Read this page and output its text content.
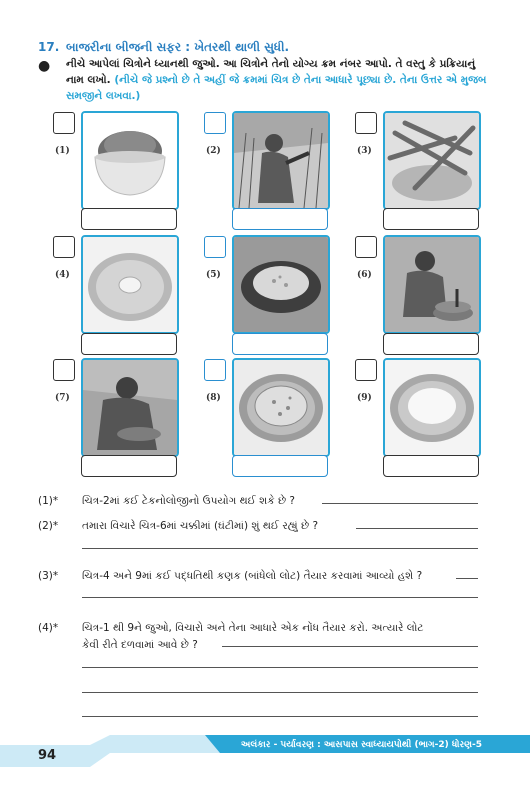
17. બાજરીના બીજની સફર : ખેતરથી થાળી સુધી.
● નીચે આપેલાં ચિત્રોને ધ્યાનથી જુઓ. આ ચિત્રોને તેનો યોગ્ય ક્રમ નંબર આપો. તે વસ્તુ કે પ્રક્રિયાનું નામ લખો. (નીચે જે પ્રશ્નો છે તે અહીં જે ક્રમમાં ચિત્ર છે તેના આધારે પૂછ્યા છે. તેના ઉત્તર એ મુજબ સમજીને લખવા.)
(1)	(2)	(3)
(4)	(5)	(6)
(7)	(8)	(9)
(1)*	ચિત્ર-2માં કઈ ટેકનોલોજીનો ઉપયોગ થઈ શકે છે ?
(2)*	તમારા વિચારે ચિત્ર-6માં ચક્કીમાં (ઘંટીમાં) શું થઈ રહ્યું છે ?
(3)*	ચિત્ર-4 અને 9માં કઈ પદ્ધતિથી કણક (બાંધેલો લોટ) તૈયાર કરવામાં આવ્યો હશે ?
(4)*	ચિત્ર-1 થી 9ને જુઓ, વિચારો અને તેના આધારે એક નોંધ તૈયાર કરો. અત્યારે લોટ
કેવી રીતે દળવામાં આવે છે ?
94
અલંકાર - પર્યાવરણ : આસપાસ સ્વાધ્યાયપોથી (ભાગ-2) ધોરણ-5
